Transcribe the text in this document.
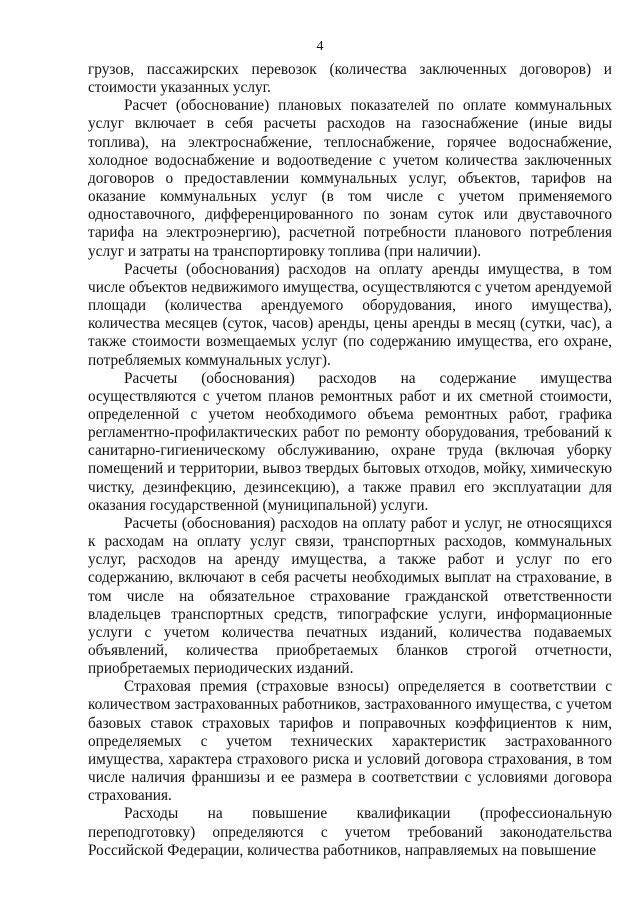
4

грузов, пассажирских перевозок (количества заключенных договоров) и стоимости указанных услуг.

Расчет (обоснование) плановых показателей по оплате коммунальных услуг включает в себя расчеты расходов на газоснабжение (иные виды топлива), на электроснабжение, теплоснабжение, горячее водоснабжение, холодное водоснабжение и водоотведение с учетом количества заключенных договоров о предоставлении коммунальных услуг, объектов, тарифов на оказание коммунальных услуг (в том числе с учетом применяемого одноставочного, дифференцированного по зонам суток или двуставочного тарифа на электроэнергию), расчетной потребности планового потребления услуг и затраты на транспортировку топлива (при наличии).

Расчеты (обоснования) расходов на оплату аренды имущества, в том числе объектов недвижимого имущества, осуществляются с учетом арендуемой площади (количества арендуемого оборудования, иного имущества), количества месяцев (суток, часов) аренды, цены аренды в месяц (сутки, час), а также стоимости возмещаемых услуг (по содержанию имущества, его охране, потребляемых коммунальных услуг).

Расчеты (обоснования) расходов на содержание имущества осуществляются с учетом планов ремонтных работ и их сметной стоимости, определенной с учетом необходимого объема ремонтных работ, графика регламентно-профилактических работ по ремонту оборудования, требований к санитарно-гигиеническому обслуживанию, охране труда (включая уборку помещений и территории, вывоз твердых бытовых отходов, мойку, химическую чистку, дезинфекцию, дезинсекцию), а также правил его эксплуатации для оказания государственной (муниципальной) услуги.

Расчеты (обоснования) расходов на оплату работ и услуг, не относящихся к расходам на оплату услуг связи, транспортных расходов, коммунальных услуг, расходов на аренду имущества, а также работ и услуг по его содержанию, включают в себя расчеты необходимых выплат на страхование, в том числе на обязательное страхование гражданской ответственности владельцев транспортных средств, типографские услуги, информационные услуги с учетом количества печатных изданий, количества подаваемых объявлений, количества приобретаемых бланков строгой отчетности, приобретаемых периодических изданий.

Страховая премия (страховые взносы) определяется в соответствии с количеством застрахованных работников, застрахованного имущества, с учетом базовых ставок страховых тарифов и поправочных коэффициентов к ним, определяемых с учетом технических характеристик застрахованного имущества, характера страхового риска и условий договора страхования, в том числе наличия франшизы и ее размера в соответствии с условиями договора страхования.

Расходы на повышение квалификации (профессиональную переподготовку) определяются с учетом требований законодательства Российской Федерации, количества работников, направляемых на повышение
